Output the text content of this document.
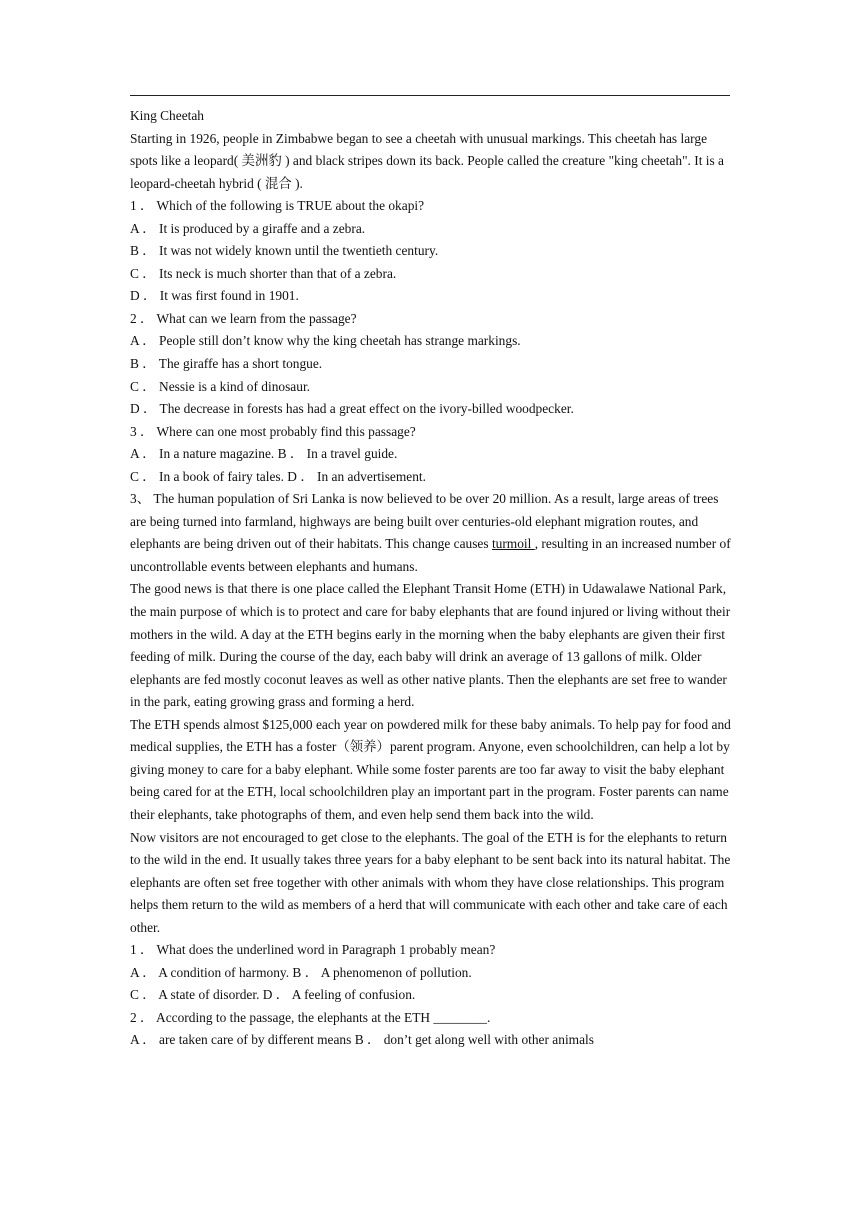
King Cheetah

Starting in 1926, people in Zimbabwe began to see a cheetah with unusual markings. This cheetah has large spots like a leopard( 美洲豹 ) and black stripes down its back. People called the creature "king cheetah". It is a leopard-cheetah hybrid ( 混合 ).

1 ． Which of the following is TRUE about the okapi?

A ． It is produced by a giraffe and a zebra.

B ． It was not widely known until the twentieth century.

C ． Its neck is much shorter than that of a zebra.

D ． It was first found in 1901.

2 ． What can we learn from the passage?

A ． People still don’t know why the king cheetah has strange markings.

B ． The giraffe has a short tongue.

C ． Nessie is a kind of dinosaur.

D ． The decrease in forests has had a great effect on the ivory-billed woodpecker.

3 ． Where can one most probably find this passage?

A ． In a nature magazine. B ． In a travel guide.

C ． In a book of fairy tales. D ． In an advertisement.

3、 The human population of Sri Lanka is now believed to be over 20 million. As a result, large areas of trees are being turned into farmland, highways are being built over centuries-old elephant migration routes, and elephants are being driven out of their habitats. This change causes turmoil , resulting in an increased number of uncontrollable events between elephants and humans.

The good news is that there is one place called the Elephant Transit Home (ETH) in Udawalawe National Park, the main purpose of which is to protect and care for baby elephants that are found injured or living without their mothers in the wild. A day at the ETH begins early in the morning when the baby elephants are given their first feeding of milk. During the course of the day, each baby will drink an average of 13 gallons of milk. Older elephants are fed mostly coconut leaves as well as other native plants. Then the elephants are set free to wander in the park, eating growing grass and forming a herd.

The ETH spends almost $125,000 each year on powdered milk for these baby animals. To help pay for food and medical supplies, the ETH has a foster（领养）parent program. Anyone, even schoolchildren, can help a lot by giving money to care for a baby elephant. While some foster parents are too far away to visit the baby elephant being cared for at the ETH, local schoolchildren play an important part in the program. Foster parents can name their elephants, take photographs of them, and even help send them back into the wild.

Now visitors are not encouraged to get close to the elephants. The goal of the ETH is for the elephants to return to the wild in the end. It usually takes three years for a baby elephant to be sent back into its natural habitat. The elephants are often set free together with other animals with whom they have close relationships. This program helps them return to the wild as members of a herd that will communicate with each other and take care of each other.

1 ． What does the underlined word in Paragraph 1 probably mean?

A ． A condition of harmony. B ． A phenomenon of pollution.

C ． A state of disorder. D ． A feeling of confusion.

2 ． According to the passage, the elephants at the ETH ________.

A ． are taken care of by different means B ． don’t get along well with other animals
